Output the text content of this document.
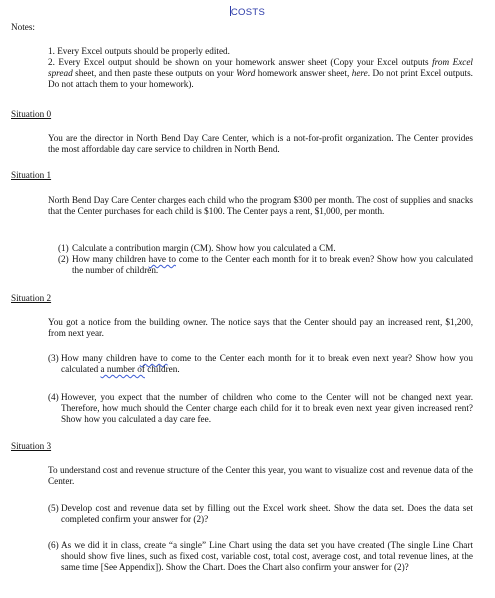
COSTS
Notes:
1. Every Excel outputs should be properly edited.
2. Every Excel output should be shown on your homework answer sheet (Copy your Excel outputs from Excel spread sheet, and then paste these outputs on your Word homework answer sheet, here. Do not print Excel outputs. Do not attach them to your homework).
Situation 0
You are the director in North Bend Day Care Center, which is a not-for-profit organization. The Center provides the most affordable day care service to children in North Bend.
Situation 1
North Bend Day Care Center charges each child who the program $300 per month. The cost of supplies and snacks that the Center purchases for each child is $100. The Center pays a rent, $1,000, per month.
(1) Calculate a contribution margin (CM). Show how you calculated a CM.
(2) How many children have to come to the Center each month for it to break even? Show how you calculated the number of children.
Situation 2
You got a notice from the building owner. The notice says that the Center should pay an increased rent, $1,200, from next year.
(3) How many children have to come to the Center each month for it to break even next year? Show how you calculated a number of children.
(4) However, you expect that the number of children who come to the Center will not be changed next year. Therefore, how much should the Center charge each child for it to break even next year given increased rent? Show how you calculated a day care fee.
Situation 3
To understand cost and revenue structure of the Center this year, you want to visualize cost and revenue data of the Center.
(5) Develop cost and revenue data set by filling out the Excel work sheet. Show the data set. Does the data set completed confirm your answer for (2)?
(6) As we did it in class, create “a single” Line Chart using the data set you have created (The single Line Chart should show five lines, such as fixed cost, variable cost, total cost, average cost, and total revenue lines, at the same time [See Appendix]). Show the Chart. Does the Chart also confirm your answer for (2)?
